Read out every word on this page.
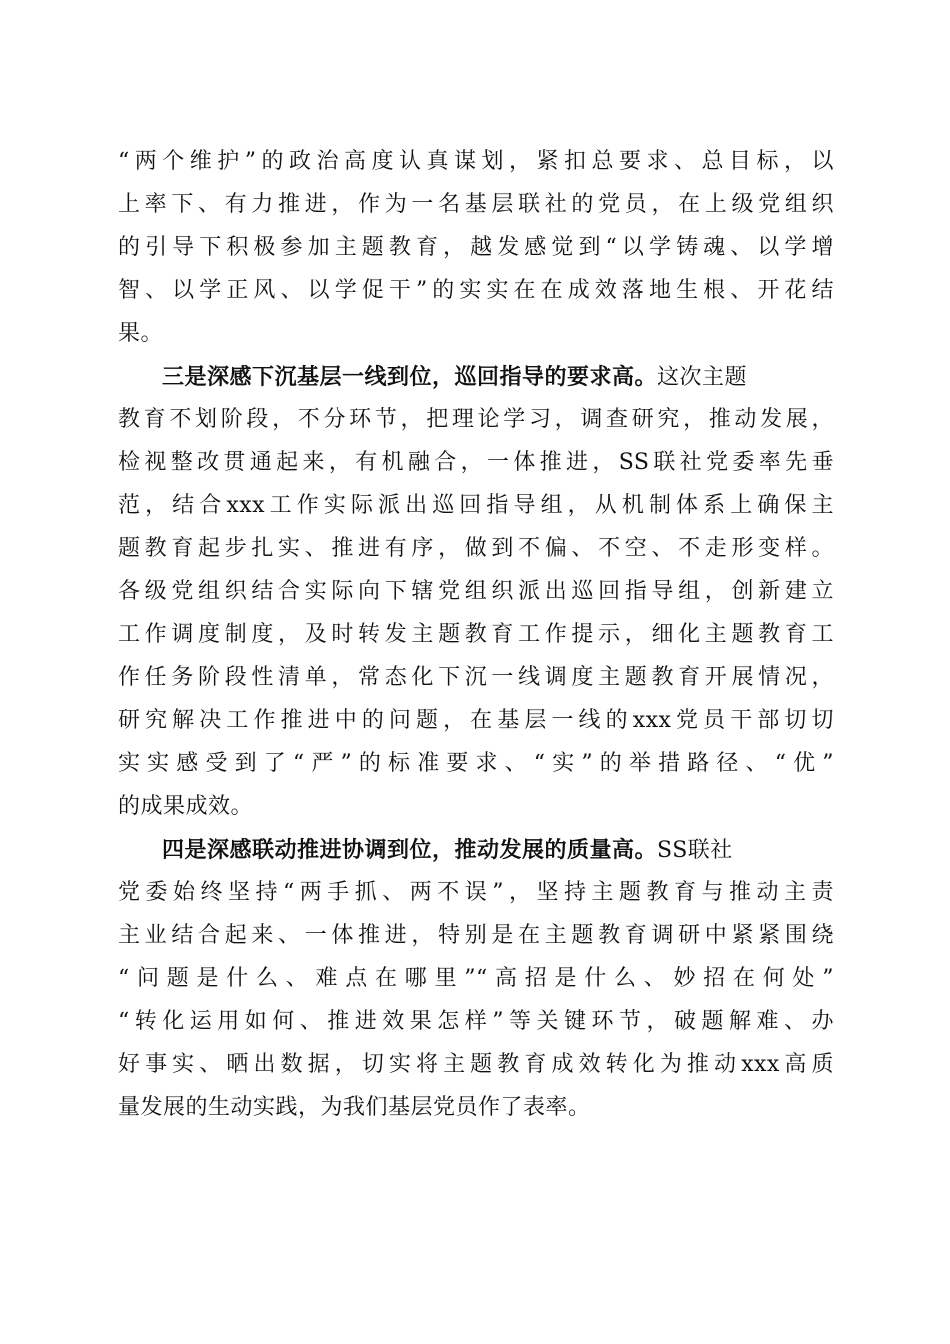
“两个维护”的政治高度认真谋划，紧扣总要求、总目标，以
上率下、有力推进，作为一名基层联社的党员，在上级党组织
的引导下积极参加主题教育，越发感觉到“以学铸魂、以学增
智、以学正风、以学促干”的实实在在成效落地生根、开花结
果。
三是深感下沉基层一线到位，巡回指导的要求高。这次主题
教育不划阶段，不分环节，把理论学习，调查研究，推动发展，
检视整改贯通起来，有机融合，一体推进，SS联社党委率先垂
范，结合xxx工作实际派出巡回指导组，从机制体系上确保主
题教育起步扎实、推进有序，做到不偏、不空、不走形变样。
各级党组织结合实际向下辖党组织派出巡回指导组，创新建立
工作调度制度，及时转发主题教育工作提示，细化主题教育工
作任务阶段性清单，常态化下沉一线调度主题教育开展情况，
研究解决工作推进中的问题，在基层一线的xxx党员干部切切
实实感受到了“严”的标准要求、“实”的举措路径、“优”
的成果成效。
四是深感联动推进协调到位，推动发展的质量高。SS联社
党委始终坚持“两手抓、两不误”，坚持主题教育与推动主责
主业结合起来、一体推进，特别是在主题教育调研中紧紧围绕
“问题是什么、难点在哪里”“高招是什么、妙招在何处”
“转化运用如何、推进效果怎样”等关键环节，破题解难、办
好事实、晒出数据，切实将主题教育成效转化为推动xxx高质
量发展的生动实践，为我们基层党员作了表率。
